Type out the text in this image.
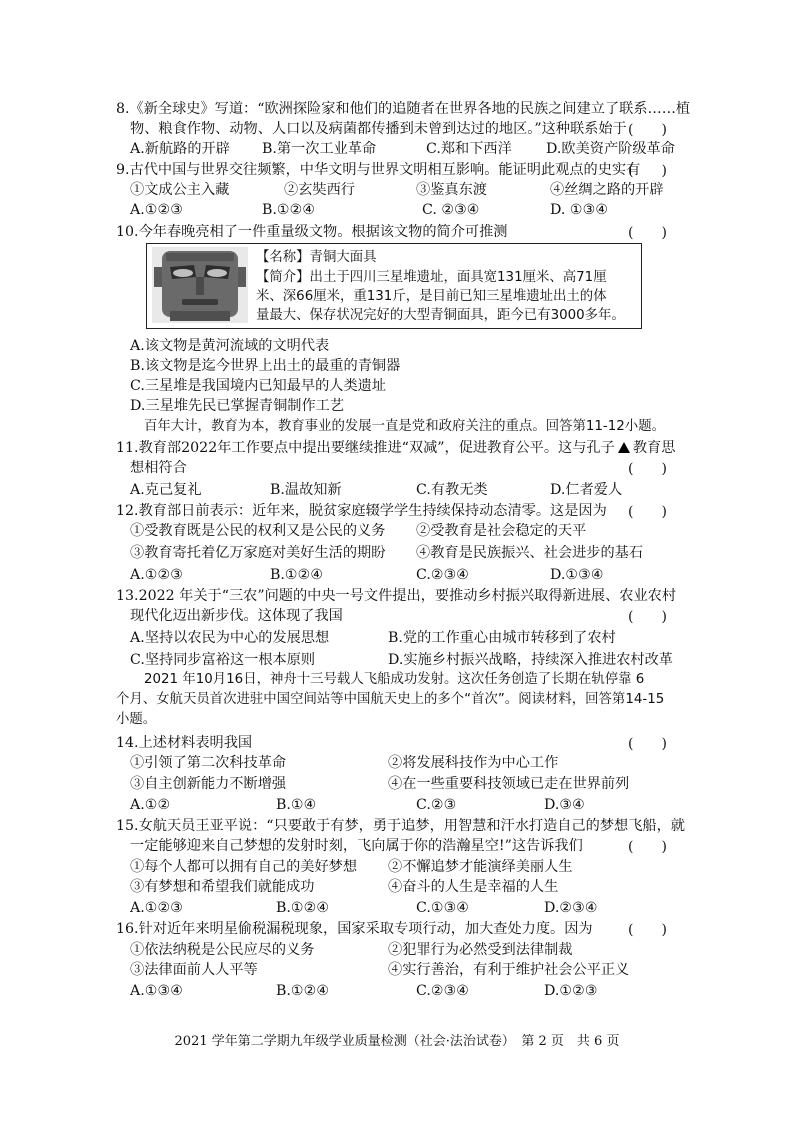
8.《新全球史》写道：“欧洲探险家和他们的追随者在世界各地的民族之间建立了联系……植
物、粮食作物、动物、人口以及病菌都传播到未曾到达过的地区。”这种联系始于 (　　)
A.新航路的开辟 B.第一次工业革命	C.郑和下西洋 D.欧美资产阶级革命
9.古代中国与世界交往频繁，中华文明与世界文明相互影响。能证明此观点的史实有
(　　)
①文成公主入藏	②玄奘西行	③鉴真东渡	④丝绸之路的开辟
A.①②③	B.①②④	C. ②③④	D. ①③④
10.今年春晚亮相了一件重量级文物。根据该文物的简介可推测	(　　)
【名称】青铜大面具
【简介】出土于四川三星堆遗址，面具宽131厘米、高71厘
米、深66厘米，重131斤，是目前已知三星堆遗址出土的体
量最大、保存状况完好的大型青铜面具，距今已有3000多年。
A.该文物是黄河流域的文明代表
B.该文物是迄今世界上出土的最重的青铜器
C.三星堆是我国境内已知最早的人类遗址
D.三星堆先民已掌握青铜制作工艺
百年大计，教育为本，教育事业的发展一直是党和政府关注的重点。回答第11-12小题。
11.教育部2022年工作要点中提出要继续推进“双减”，促进教育公平。这与孔子 教育思
想相符合	(　　)
A.克己复礼	B.温故知新	C.有教无类	D.仁者爱人
12.教育部日前表示：近年来，脱贫家庭辍学学生持续保持动态清零。这是因为 (　　)
①受教育既是公民的权利又是公民的义务 ②受教育是社会稳定的天平
③教育寄托着亿万家庭对美好生活的期盼 ④教育是民族振兴、社会进步的基石
A.①②③	B.①②④	C.②③④	D.①③④
13.2022 年关于“三农”问题的中央一号文件提出，要推动乡村振兴取得新进展、农业农村
现代化迈出新步伐。这体现了我国	(　　)
A.坚持以农民为中心的发展思想	B.党的工作重心由城市转移到了农村
C.坚持同步富裕这一根本原则	D.实施乡村振兴战略，持续深入推进农村改革
2021 年10月16日，神舟十三号载人飞船成功发射。这次任务创造了长期在轨停靠 6
个月、女航天员首次进驻中国空间站等中国航天史上的多个“首次”。阅读材料，回答第14-15
小题。
14.上述材料表明我国	(　　)
①引领了第二次科技革命	②将发展科技作为中心工作
③自主创新能力不断增强	④在一些重要科技领域已走在世界前列
A.①②	B.①④	C.②③	D.③④
15.女航天员王亚平说：“只要敢于有梦，勇于追梦，用智慧和汗水打造自己的梦想飞船，就
一定能够迎来自己梦想的发射时刻，飞向属于你的浩瀚星空!”这告诉我们	(　　)
①每个人都可以拥有自己的美好梦想 ②不懈追梦才能演绎美丽人生
③有梦想和希望我们就能成功	④奋斗的人生是幸福的人生
A.①②③	B.①②④	C.①③④	D.②③④
16.针对近年来明星偷税漏税现象，国家采取专项行动，加大查处力度。因为	(　　)
①依法纳税是公民应尽的义务	②犯罪行为必然受到法律制裁
③法律面前人人平等	④实行善治，有利于维护社会公平正义
A.①③④	B.①②④	C.②③④	D.①②③
2021 学年第二学期九年级学业质量检测（社会·法治试卷）　第 2 页　共 6 页
